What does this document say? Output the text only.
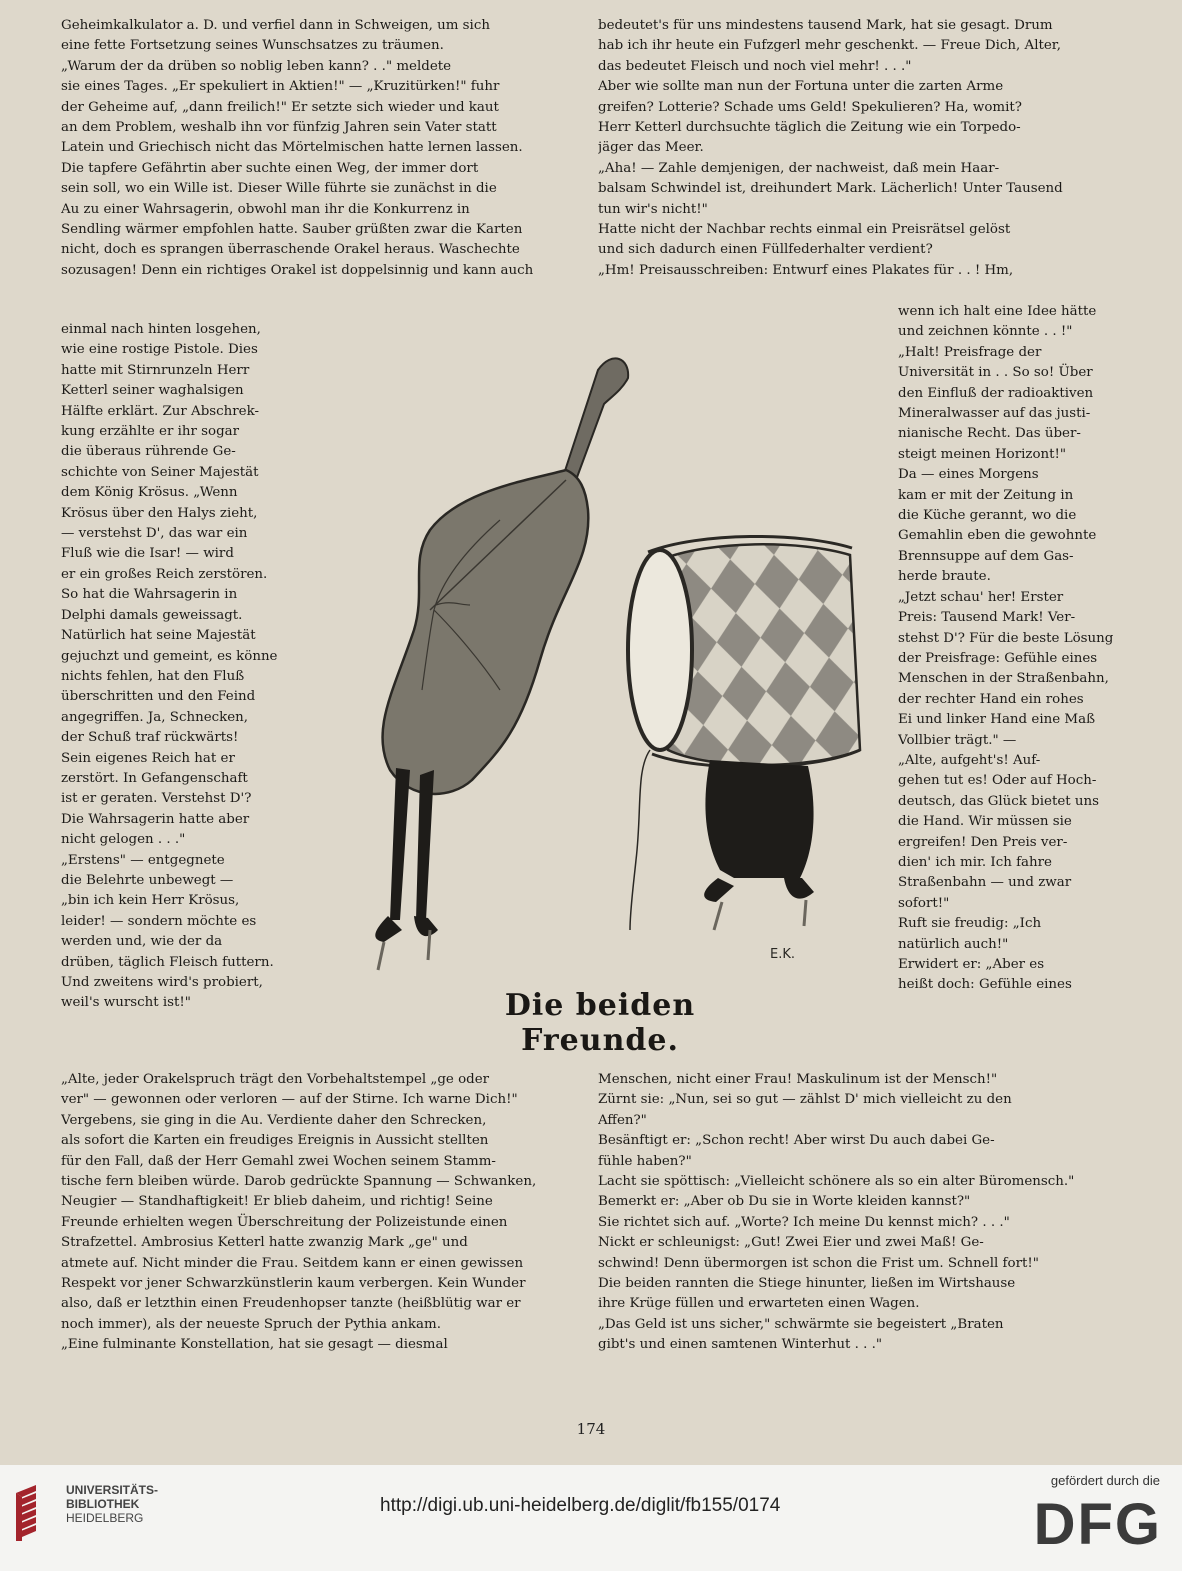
Geheimkalkulator a. D. und verfiel dann in Schweigen, um sich

eine fette Fortsetzung seines Wunschsatzes zu träumen.

„Warum der da drüben so noblig leben kann? . ." meldete

sie eines Tages. „Er spekuliert in Aktien!" — „Kruzitürken!" fuhr

der Geheime auf, „dann freilich!" Er setzte sich wieder und kaut

an dem Problem, weshalb ihn vor fünfzig Jahren sein Vater statt

Latein und Griechisch nicht das Mörtelmischen hatte lernen lassen.

Die tapfere Gefährtin aber suchte einen Weg, der immer dort

sein soll, wo ein Wille ist. Dieser Wille führte sie zunächst in die

Au zu einer Wahrsagerin, obwohl man ihr die Konkurrenz in

Sendling wärmer empfohlen hatte. Sauber grüßten zwar die Karten

nicht, doch es sprangen überraschende Orakel heraus. Waschechte

sozusagen! Denn ein richtiges Orakel ist doppelsinnig und kann auch

einmal nach hinten losgehen,

wie eine rostige Pistole. Dies

hatte mit Stirnrunzeln Herr

Ketterl seiner waghalsigen

Hälfte erklärt. Zur Abschrek-

kung erzählte er ihr sogar

die überaus rührende Ge-

schichte von Seiner Majestät

dem König Krösus. „Wenn

Krösus über den Halys zieht,

— verstehst D', das war ein

Fluß wie die Isar! — wird

er ein großes Reich zerstören.

So hat die Wahrsagerin in

Delphi damals geweissagt.

Natürlich hat seine Majestät

gejuchzt und gemeint, es könne

nichts fehlen, hat den Fluß

überschritten und den Feind

angegriffen. Ja, Schnecken,

der Schuß traf rückwärts!

Sein eigenes Reich hat er

zerstört. In Gefangenschaft

ist er geraten. Verstehst D'?

Die Wahrsagerin hatte aber

nicht gelogen . . ."

„Erstens" — entgegnete

die Belehrte unbewegt —

„bin ich kein Herr Krösus,

leider! — sondern möchte es

werden und, wie der da

drüben, täglich Fleisch futtern.

Und zweitens wird's probiert,

weil's wurscht ist!"

bedeutet's für uns mindestens tausend Mark, hat sie gesagt. Drum

hab ich ihr heute ein Fufzgerl mehr geschenkt. — Freue Dich, Alter,

das bedeutet Fleisch und noch viel mehr! . . ."

Aber wie sollte man nun der Fortuna unter die zarten Arme

greifen? Lotterie? Schade ums Geld! Spekulieren? Ha, womit?

Herr Ketterl durchsuchte täglich die Zeitung wie ein Torpedo-

jäger das Meer.

„Aha! — Zahle demjenigen, der nachweist, daß mein Haar-

balsam Schwindel ist, dreihundert Mark. Lächerlich! Unter Tausend

tun wir's nicht!"

Hatte nicht der Nachbar rechts einmal ein Preisrätsel gelöst

und sich dadurch einen Füllfederhalter verdient?

„Hm! Preisausschreiben: Entwurf eines Plakates für . . ! Hm,

wenn ich halt eine Idee hätte

und zeichnen könnte . . !"

„Halt! Preisfrage der

Universität in . . So so! Über

den Einfluß der radioaktiven

Mineralwasser auf das justi-

nianische Recht. Das über-

steigt meinen Horizont!"

Da — eines Morgens

kam er mit der Zeitung in

die Küche gerannt, wo die

Gemahlin eben die gewohnte

Brennsuppe auf dem Gas-

herde braute.

„Jetzt schau' her! Erster

Preis: Tausend Mark! Ver-

stehst D'? Für die beste Lösung

der Preisfrage: Gefühle eines

Menschen in der Straßenbahn,

der rechter Hand ein rohes

Ei und linker Hand eine Maß

Vollbier trägt." —

„Alte, aufgeht's! Auf-

gehen tut es! Oder auf Hoch-

deutsch, das Glück bietet uns

die Hand. Wir müssen sie

ergreifen! Den Preis ver-

dien' ich mir. Ich fahre

Straßenbahn — und zwar

sofort!"

Ruft sie freudig: „Ich

natürlich auch!"

Erwidert er: „Aber es

heißt doch: Gefühle eines

„Alte, jeder Orakelspruch trägt den Vorbehaltstempel „ge oder

ver" — gewonnen oder verloren — auf der Stirne. Ich warne Dich!"

Vergebens, sie ging in die Au. Verdiente daher den Schrecken,

als sofort die Karten ein freudiges Ereignis in Aussicht stellten

für den Fall, daß der Herr Gemahl zwei Wochen seinem Stamm-

tische fern bleiben würde. Darob gedrückte Spannung — Schwanken,

Neugier — Standhaftigkeit! Er blieb daheim, und richtig! Seine

Freunde erhielten wegen Überschreitung der Polizeistunde einen

Strafzettel. Ambrosius Ketterl hatte zwanzig Mark „ge" und

atmete auf. Nicht minder die Frau. Seitdem kann er einen gewissen

Respekt vor jener Schwarzkünstlerin kaum verbergen. Kein Wunder

also, daß er letzthin einen Freudenhopser tanzte (heißblütig war er

noch immer), als der neueste Spruch der Pythia ankam.

„Eine fulminante Konstellation, hat sie gesagt — diesmal

Menschen, nicht einer Frau! Maskulinum ist der Mensch!"

Zürnt sie: „Nun, sei so gut — zählst D' mich vielleicht zu den

Affen?"

Besänftigt er: „Schon recht! Aber wirst Du auch dabei Ge-

fühle haben?"

Lacht sie spöttisch: „Vielleicht schönere als so ein alter Büromensch."

Bemerkt er: „Aber ob Du sie in Worte kleiden kannst?"

Sie richtet sich auf. „Worte? Ich meine Du kennst mich? . . ."

Nickt er schleunigst: „Gut! Zwei Eier und zwei Maß! Ge-

schwind! Denn übermorgen ist schon die Frist um. Schnell fort!"

Die beiden rannten die Stiege hinunter, ließen im Wirtshause

ihre Krüge füllen und erwarteten einen Wagen.

„Das Geld ist uns sicher," schwärmte sie begeistert „Braten

gibt's und einen samtenen Winterhut . . ."

E.K.
Die beiden Freunde.
174
UNIVERSITÄTS-
BIBLIOTHEK
HEIDELBERG
http://digi.ub.uni-heidelberg.de/diglit/fb155/0174
gefördert durch die
DFG
